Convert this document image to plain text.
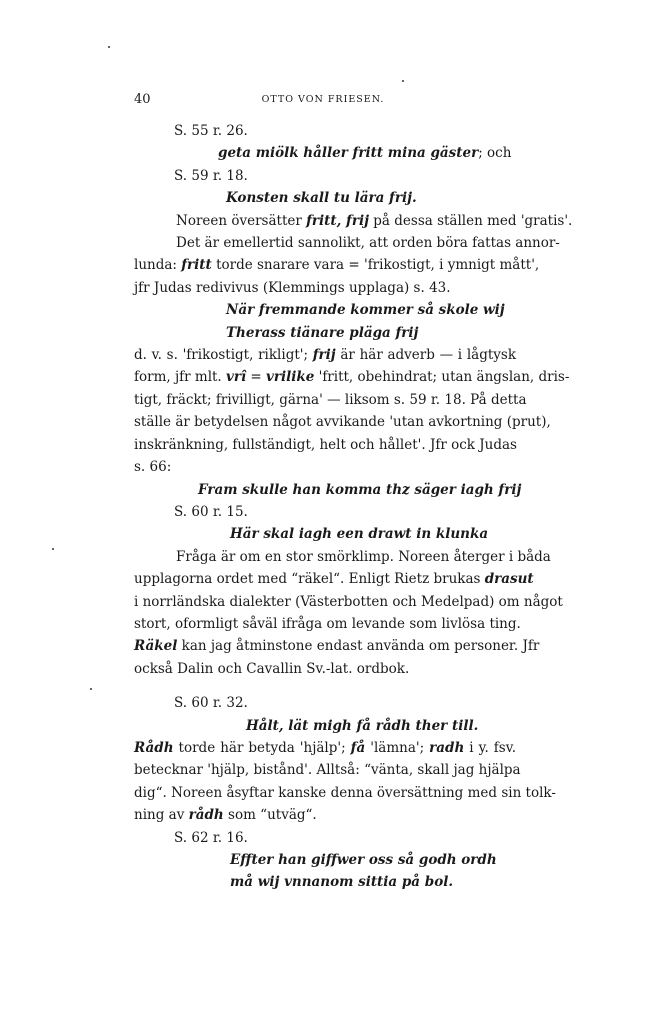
40	OTTO VON FRIESEN.
S. 55 r. 26.
geta miölk håller fritt mina gäster; och
S. 59 r. 18.
Konsten skall tu lära frij.
Noreen översätter fritt, frij på dessa ställen med 'gratis'.
Det är emellertid sannolikt, att orden böra fattas annor-
lunda: fritt torde snarare vara = 'frikostigt, i ymnigt mått',
jfr Judas redivivus (Klemmings upplaga) s. 43.
När fremmande kommer så skole wij
Therass tiänare pläga frij
d. v. s. 'frikostigt, rikligt'; frij är här adverb — i lågtysk
form, jfr mlt. vrî = vrilike 'fritt, obehindrat; utan ängslan, dris-
tigt, fräckt; frivilligt, gärna' — liksom s. 59 r. 18. På detta
ställe är betydelsen något avvikande 'utan avkortning (prut),
inskränkning, fullständigt, helt och hållet'. Jfr ock Judas
s. 66:
Fram skulle han komma thz säger iagh frij
S. 60 r. 15.
Här skal iagh een drawt in klunka
Fråga är om en stor smörklimp. Noreen återger i båda
upplagorna ordet med “räkel“. Enligt Rietz brukas drasut
i norrländska dialekter (Västerbotten och Medelpad) om något
stort, oformligt såväl ifråga om levande som livlösa ting.
Räkel kan jag åtminstone endast använda om personer. Jfr
också Dalin och Cavallin Sv.-lat. ordbok.
S. 60 r. 32.
Hålt, lät migh få rådh ther till.
Rådh torde här betyda 'hjälp'; få 'lämna'; radh i y. fsv.
betecknar 'hjälp, bistånd'. Alltså: “vänta, skall jag hjälpa
dig“. Noreen åsyftar kanske denna översättning med sin tolk-
ning av rådh som “utväg“.
S. 62 r. 16.
Effter han giffwer oss så godh ordh
må wij vnnanom sittia på bol.
